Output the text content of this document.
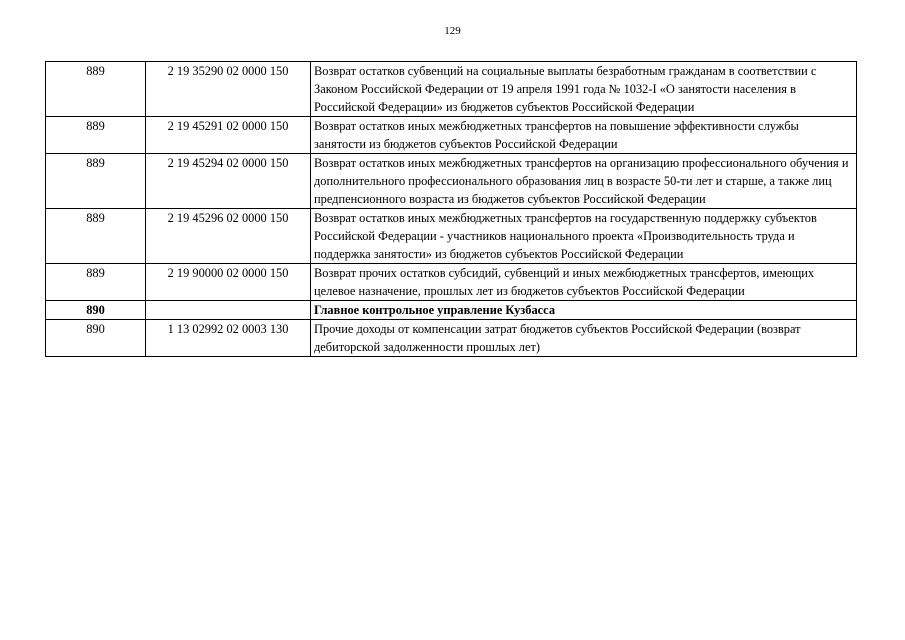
129
889	2 19 35290 02 0000 150	Возврат остатков субвенций на социальные выплаты безработным гражданам в соответствии с Законом Российской Федерации от 19 апреля 1991 года № 1032-I «О занятости населения в Российской Федерации» из бюджетов субъектов Российской Федерации
889	2 19 45291 02 0000 150	Возврат остатков иных межбюджетных трансфертов на повышение эффективности службы занятости из бюджетов субъектов Российской Федерации
889	2 19 45294 02 0000 150	Возврат остатков иных межбюджетных трансфертов на организацию профессионального обучения и дополнительного профессионального образования лиц в возрасте 50-ти лет и старше, а также лиц предпенсионного возраста из бюджетов субъектов Российской Федерации
889	2 19 45296 02 0000 150	Возврат остатков иных межбюджетных трансфертов на государственную поддержку субъектов Российской Федерации - участников национального проекта «Производительность труда и поддержка занятости» из бюджетов субъектов Российской Федерации
889	2 19 90000 02 0000 150	Возврат прочих остатков субсидий, субвенций и иных межбюджетных трансфертов, имеющих целевое назначение, прошлых лет из бюджетов субъектов Российской Федерации
890		Главное контрольное управление Кузбасса
890	1 13 02992 02 0003 130	Прочие доходы от компенсации затрат бюджетов субъектов Российской Федерации (возврат дебиторской задолженности прошлых лет)
